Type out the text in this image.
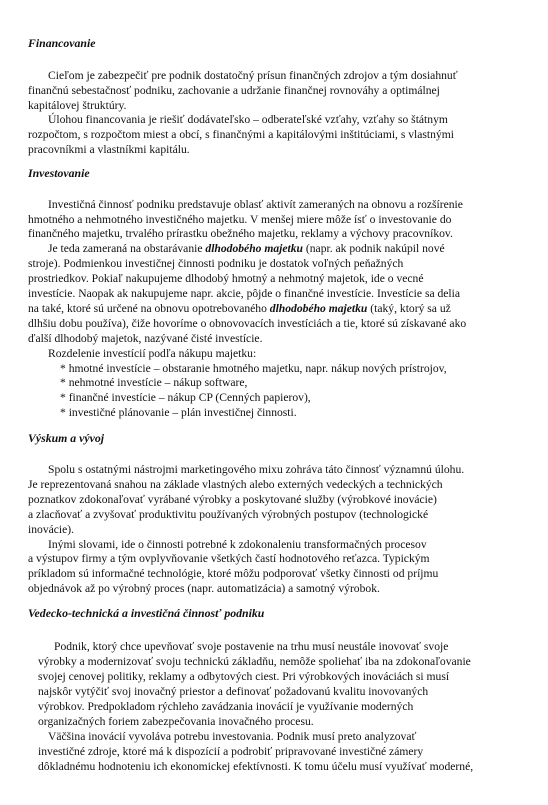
Financovanie
Cieľom je zabezpečiť pre podnik dostatočný prísun finančných zdrojov a tým dosiahnuť
finančnú sebestačnosť podniku, zachovanie a udržanie finančnej rovnováhy a optimálnej
kapitálovej štruktúry.
Úlohou financovania je riešiť dodávateľsko – odberateľské vzťahy, vzťahy so štátnym
rozpočtom, s rozpočtom miest a obcí, s finančnými a kapitálovými inštitúciami, s vlastnými
pracovníkmi a vlastníkmi kapitálu.
Investovanie
Investičná činnosť podniku predstavuje oblasť aktivít zameraných na obnovu a rozšírenie
hmotného a nehmotného investičného majetku. V menšej miere môže ísť o investovanie do
finančného majetku, trvalého prírastku obežného majetku, reklamy a výchovy pracovníkov.
Je teda zameraná na obstarávanie dlhodobého majetku (napr. ak podnik nakúpil nové
stroje). Podmienkou investičnej činnosti podniku je dostatok voľných peňažných
prostriedkov. Pokiaľ nakupujeme dlhodobý hmotný a nehmotný majetok, ide o vecné
investície. Naopak ak nakupujeme napr. akcie, pôjde o finančné investície. Investície sa delia
na také, ktoré sú určené na obnovu opotrebovaného dlhodobého majetku (taký, ktorý sa už
dlhšiu dobu používa), čiže hovoríme o obnovovacích investíciách a tie, ktoré sú získavané ako
ďalší dlhodobý majetok, nazývané čisté investície.
Rozdelenie investícií podľa nákupu majetku:
* hmotné investície – obstaranie hmotného majetku, napr. nákup nových prístrojov,
* nehmotné investície – nákup software,
* finančné investície – nákup CP (Cenných papierov),
* investičné plánovanie – plán investičnej činnosti.
Výskum a vývoj
Spolu s ostatnými nástrojmi marketingového mixu zohráva táto činnosť významnú úlohu.
Je reprezentovaná snahou na základe vlastných alebo externých vedeckých a technických
poznatkov zdokonaľovať vyrábané výrobky a poskytované služby (výrobkové inovácie)
a zlacňovať a zvyšovať produktivitu používaných výrobných postupov (technologické
inovácie).
Inými slovami, ide o činnosti potrebné k zdokonaleniu transformačných procesov
a výstupov firmy a tým ovplyvňovanie všetkých častí hodnotového reťazca. Typickým
príkladom sú informačné technológie, ktoré môžu podporovať všetky činnosti od príjmu
objednávok až po výrobný proces (napr. automatizácia) a samotný výrobok.
Vedecko-technická a investičná činnosť podniku
Podnik, ktorý chce upevňovať svoje postavenie na trhu musí neustále inovovať svoje
výrobky a modernizovať svoju technickú základňu, nemôže spoliehať iba na zdokonaľovanie
svojej cenovej politiky, reklamy a odbytových ciest. Pri výrobkových inováciách si musí
najskôr vytýčiť svoj inovačný priestor a definovať požadovanú kvalitu inovovaných
výrobkov. Predpokladom rýchleho zavádzania inovácií je využívanie moderných
organizačných foriem zabezpečovania inovačného procesu.
Väčšina inovácií vyvoláva potrebu investovania. Podnik musí preto analyzovať
investičné zdroje, ktoré má k dispozícií a podrobiť pripravované investičné zámery
dôkladnému hodnoteniu ich ekonomickej efektívnosti. K tomu účelu musí využívať moderné,
